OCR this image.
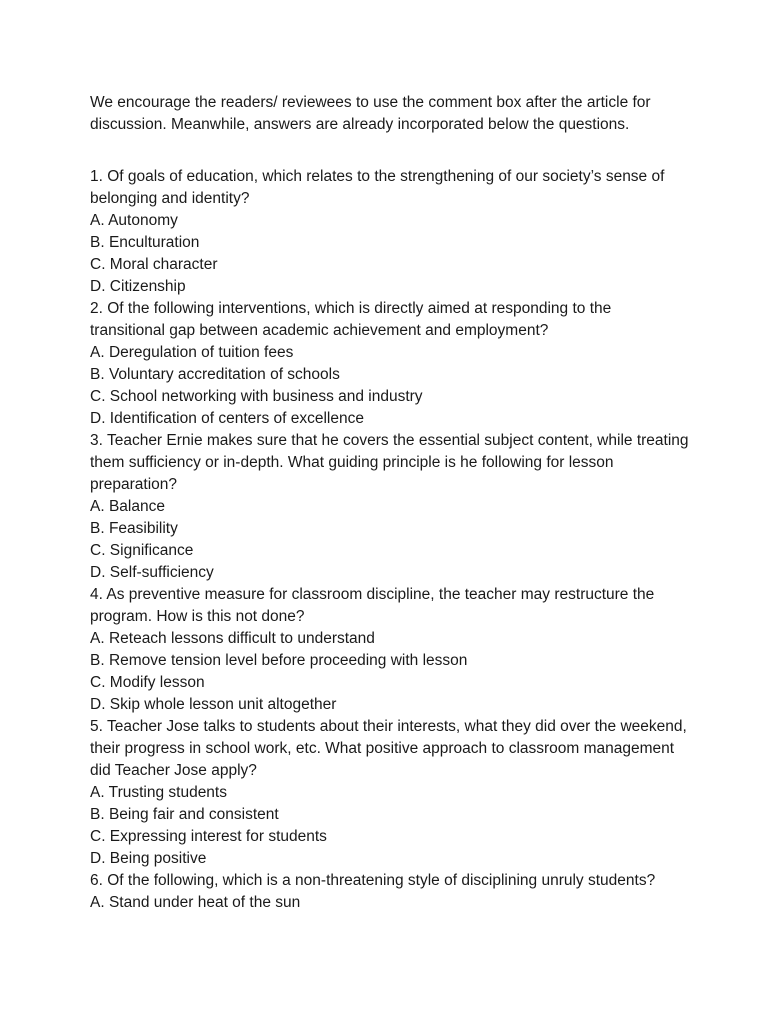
We encourage the readers/ reviewees to use the comment box after the article for discussion. Meanwhile, answers are already incorporated below the questions.

1. Of goals of education, which relates to the strengthening of our society’s sense of belonging and identity?

A. Autonomy
B. Enculturation
C. Moral character
D. Citizenship

2. Of the following interventions, which is directly aimed at responding to the transitional gap between academic achievement and employment?

A. Deregulation of tuition fees
B. Voluntary accreditation of schools
C. School networking with business and industry
D. Identification of centers of excellence

3. Teacher Ernie makes sure that he covers the essential subject content, while treating them sufficiency or in-depth. What guiding principle is he following for lesson preparation?

A. Balance
B. Feasibility
C. Significance
D. Self-sufficiency

4. As preventive measure for classroom discipline, the teacher may restructure the program. How is this not done?

A. Reteach lessons difficult to understand
B. Remove tension level before proceeding with lesson
C. Modify lesson
D. Skip whole lesson unit altogether

5. Teacher Jose talks to students about their interests, what they did over the weekend, their progress in school work, etc. What positive approach to classroom management did Teacher Jose apply?

A. Trusting students
B. Being fair and consistent
C. Expressing interest for students
D. Being positive

6. Of the following, which is a non-threatening style of disciplining unruly students?

A. Stand under heat of the sun
